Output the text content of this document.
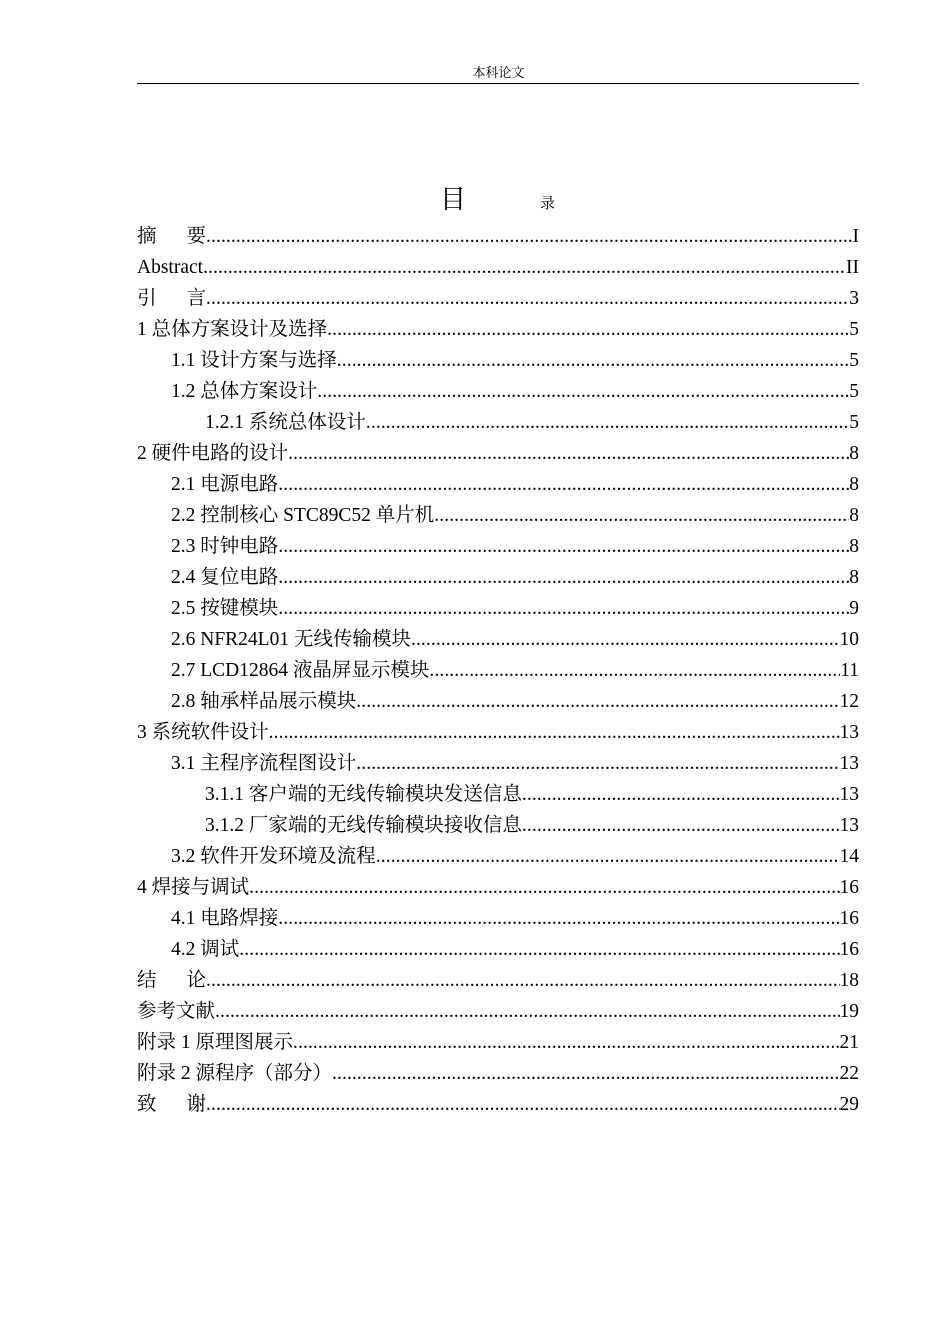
本科论文
目	录
摘要 .....	I
Abstract .....	II
引言 .....	3
1 总体方案设计及选择 .....	5
1.1 设计方案与选择 .....	5
1.2 总体方案设计 .....	5
1.2.1 系统总体设计 .....	5
2 硬件电路的设计 .....	8
2.1 电源电路 .....	8
2.2 控制核心 STC89C52 单片机 .....	8
2.3 时钟电路 .....	8
2.4 复位电路 .....	8
2.5 按键模块 .....	9
2.6 NFR24L01 无线传输模块 .....	10
2.7 LCD12864 液晶屏显示模块 .....	11
2.8 轴承样品展示模块 .....	12
3 系统软件设计 .....	13
3.1 主程序流程图设计 .....	13
3.1.1 客户端的无线传输模块发送信息 .....	13
3.1.2 厂家端的无线传输模块接收信息 .....	13
3.2 软件开发环境及流程 .....	14
4 焊接与调试 .....	16
4.1 电路焊接 .....	16
4.2 调试 .....	16
结论 .....	18
参考文献 .....	19
附录 1 原理图展示 .....	21
附录 2 源程序（部分） .....	22
致谢 .....	29
